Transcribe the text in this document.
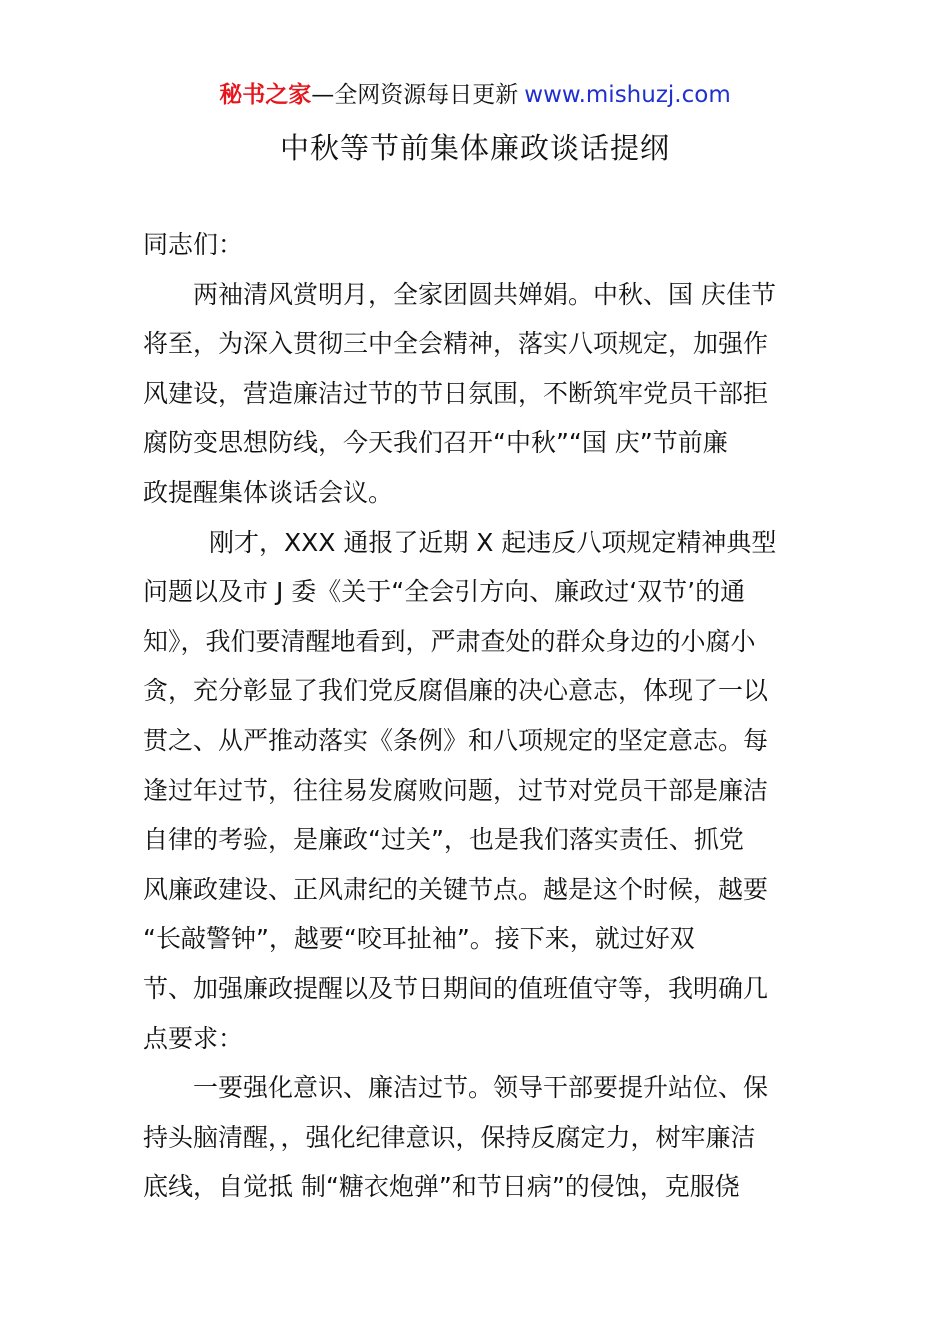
秘书之家—全网资源每日更新 www.mishuzj.com
中秋等节前集体廉政谈话提纲
同志们：
两袖清风赏明月，全家团圆共婵娟。中秋、国 庆佳节
将至，为深入贯彻三中全会精神，落实八项规定，加强作
风建设，营造廉洁过节的节日氛围，不断筑牢党员干部拒
腐防变思想防线，今天我们召开“中秋”“国 庆”节前廉
政提醒集体谈话会议。
刚才，XXX 通报了近期 X 起违反八项规定精神典型
问题以及市 J 委《关于“全会引方向、廉政过‘双节’的通
知》，我们要清醒地看到，严肃查处的群众身边的小腐小
贪，充分彰显了我们党反腐倡廉的决心意志，体现了一以
贯之、从严推动落实《条例》和八项规定的坚定意志。每
逢过年过节，往往易发腐败问题，过节对党员干部是廉洁
自律的考验，是廉政“过关”，也是我们落实责任、抓党
风廉政建设、正风肃纪的关键节点。越是这个时候，越要
“长敲警钟”，越要“咬耳扯袖”。接下来，就过好双
节、加强廉政提醒以及节日期间的值班值守等，我明确几
点要求：
一要强化意识、廉洁过节。领导干部要提升站位、保
持头脑清醒，，强化纪律意识，保持反腐定力，树牢廉洁
底线，自觉抵 制“糖衣炮弹”和节日病”的侵蚀，克服侥
